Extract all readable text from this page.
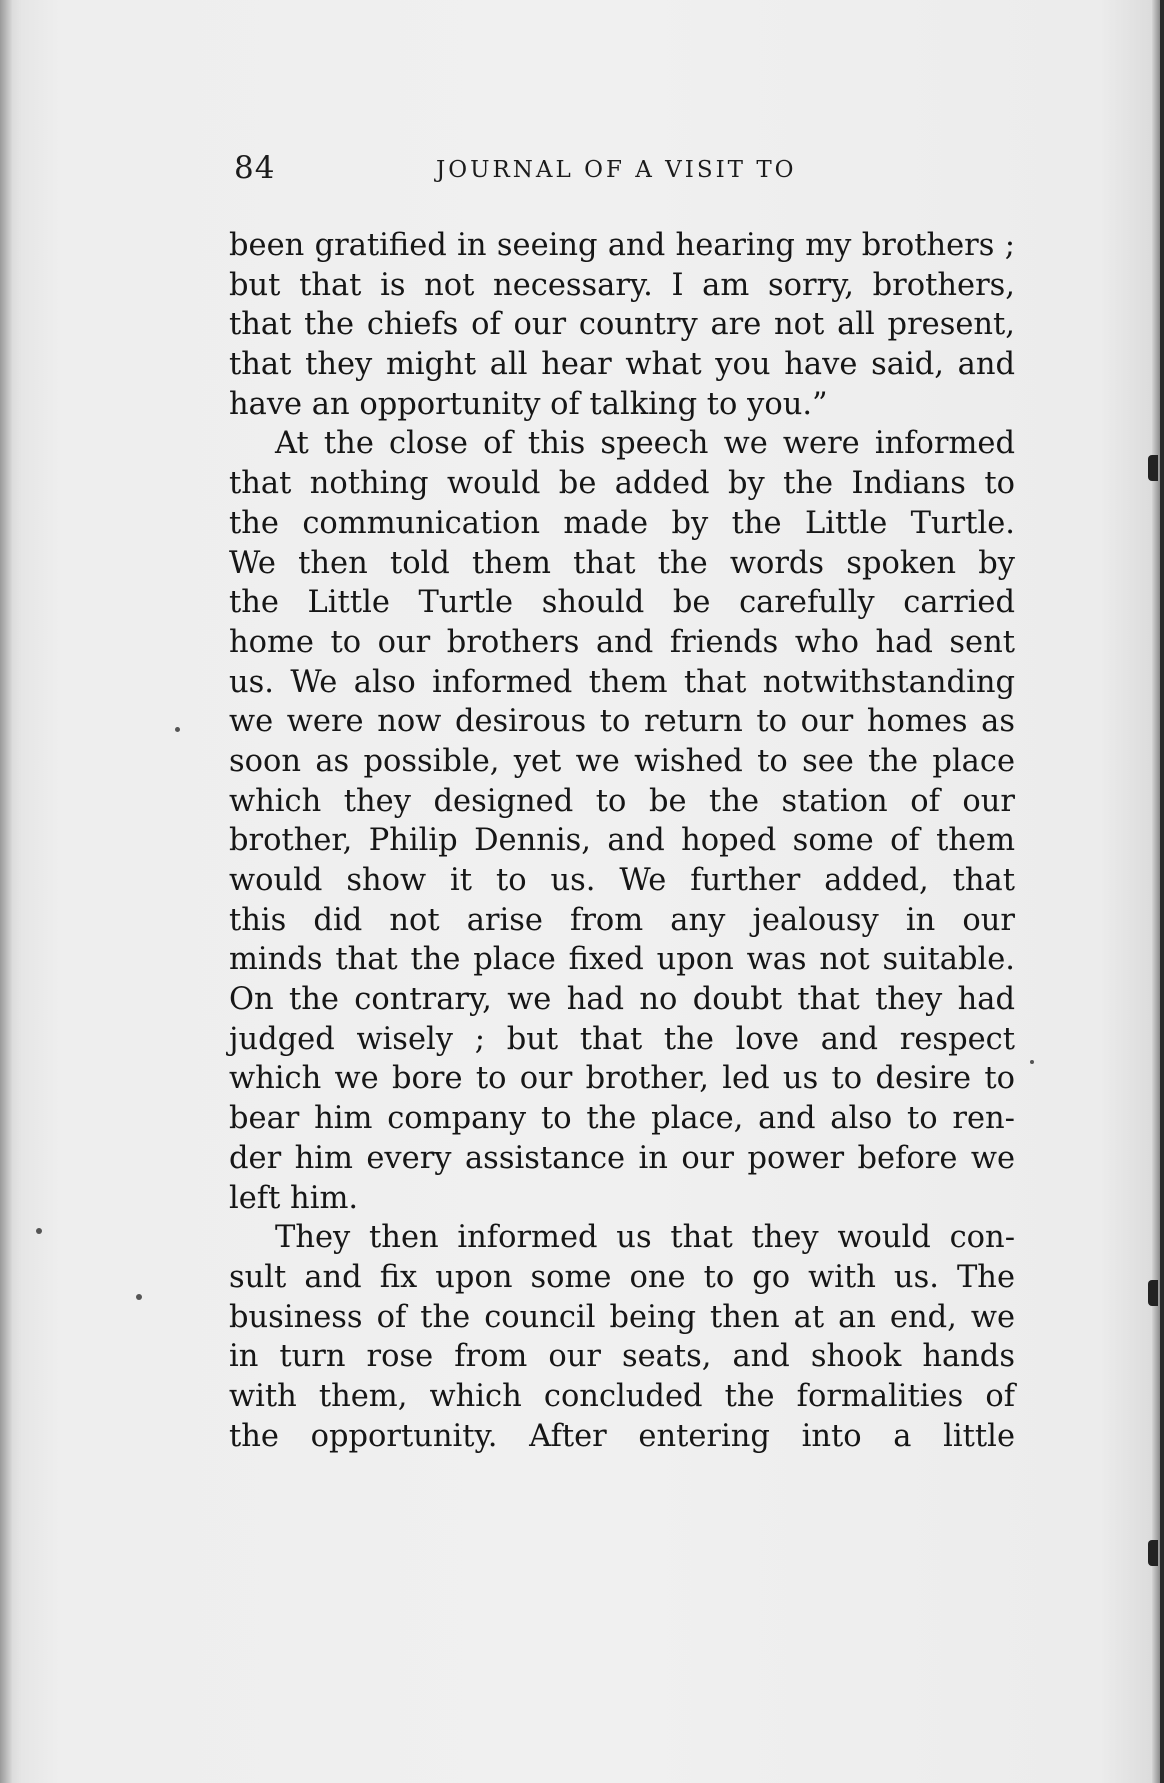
84	JOURNAL OF A VISIT TO
been gratified in seeing and hearing my brothers ;
but that is not necessary. I am sorry, brothers,
that the chiefs of our country are not all present,
that they might all hear what you have said, and
have an opportunity of talking to you.”
At the close of this speech we were informed
that nothing would be added by the Indians to
the communication made by the Little Turtle.
We then told them that the words spoken by
the Little Turtle should be carefully carried
home to our brothers and friends who had sent
us. We also informed them that notwithstanding
we were now desirous to return to our homes as
soon as possible, yet we wished to see the place
which they designed to be the station of our
brother, Philip Dennis, and hoped some of them
would show it to us. We further added, that
this did not arise from any jealousy in our
minds that the place fixed upon was not suitable.
On the contrary, we had no doubt that they had
judged wisely ; but that the love and respect
which we bore to our brother, led us to desire to
bear him company to the place, and also to ren-
der him every assistance in our power before we
left him.
They then informed us that they would con-
sult and fix upon some one to go with us. The
business of the council being then at an end, we
in turn rose from our seats, and shook hands
with them, which concluded the formalities of
the opportunity. After entering into a little
